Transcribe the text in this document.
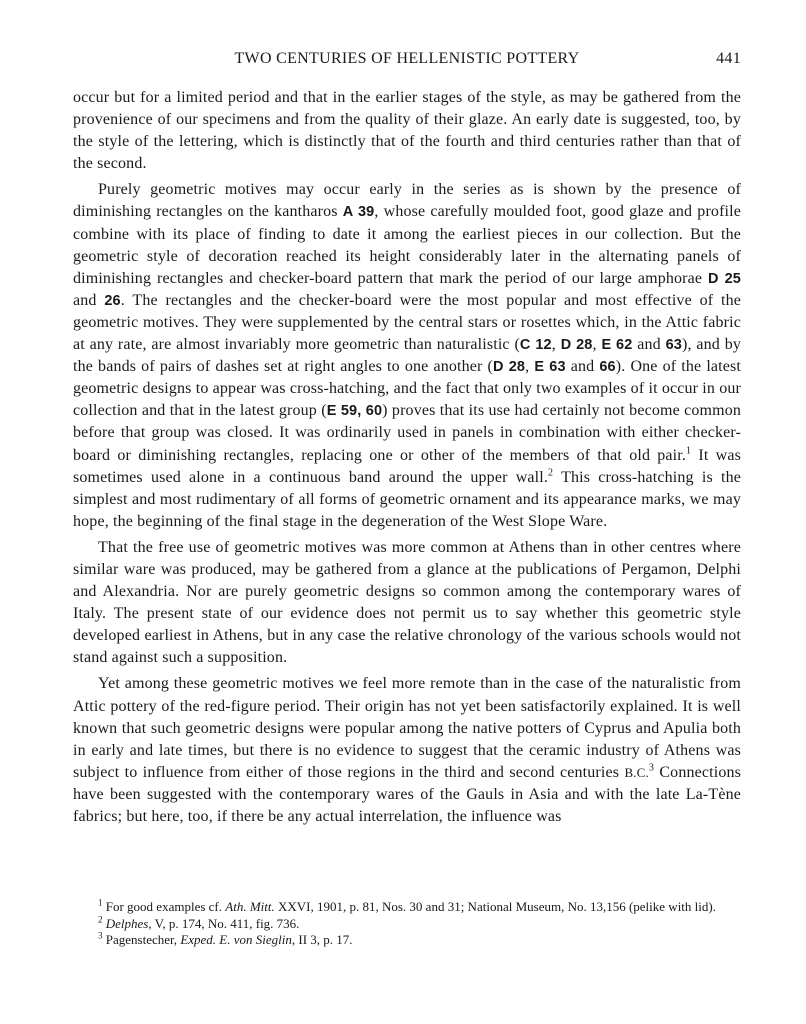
TWO CENTURIES OF HELLENISTIC POTTERY	441

occur but for a limited period and that in the earlier stages of the style, as may be gathered from the provenience of our specimens and from the quality of their glaze. An early date is suggested, too, by the style of the lettering, which is distinctly that of the fourth and third centuries rather than that of the second.

Purely geometric motives may occur early in the series as is shown by the presence of diminishing rectangles on the kantharos A 39, whose carefully moulded foot, good glaze and profile combine with its place of finding to date it among the earliest pieces in our collection. But the geometric style of decoration reached its height considerably later in the alternating panels of diminishing rectangles and checker-board pattern that mark the period of our large amphorae D 25 and 26. The rectangles and the checker-board were the most popular and most effective of the geometric motives. They were supplemented by the central stars or rosettes which, in the Attic fabric at any rate, are almost invariably more geometric than naturalistic (C 12, D 28, E 62 and 63), and by the bands of pairs of dashes set at right angles to one another (D 28, E 63 and 66). One of the latest geometric designs to appear was cross-hatching, and the fact that only two examples of it occur in our collection and that in the latest group (E 59, 60) proves that its use had certainly not become common before that group was closed. It was ordinarily used in panels in combination with either checker-board or diminishing rectangles, replacing one or other of the members of that old pair.$^1$ It was sometimes used alone in a continuous band around the upper wall.$^2$ This cross-hatching is the simplest and most rudimentary of all forms of geometric ornament and its appearance marks, we may hope, the beginning of the final stage in the degeneration of the West Slope Ware.

That the free use of geometric motives was more common at Athens than in other centres where similar ware was produced, may be gathered from a glance at the publications of Pergamon, Delphi and Alexandria. Nor are purely geometric designs so common among the contemporary wares of Italy. The present state of our evidence does not permit us to say whether this geometric style developed earliest in Athens, but in any case the relative chronology of the various schools would not stand against such a supposition.

Yet among these geometric motives we feel more remote than in the case of the naturalistic from Attic pottery of the red-figure period. Their origin has not yet been satisfactorily explained. It is well known that such geometric designs were popular among the native potters of Cyprus and Apulia both in early and late times, but there is no evidence to suggest that the ceramic industry of Athens was subject to influence from either of those regions in the third and second centuries B.C.$^3$ Connections have been suggested with the contemporary wares of the Gauls in Asia and with the late La-Tène fabrics; but here, too, if there be any actual interrelation, the influence was

$^1$ For good examples cf. Ath. Mitt. XXVI, 1901, p. 81, Nos. 30 and 31; National Museum, No. 13,156 (pelike with lid).

$^2$ Delphes, V, p. 174, No. 411, fig. 736.

$^3$ Pagenstecher, Exped. E. von Sieglin, II 3, p. 17.
